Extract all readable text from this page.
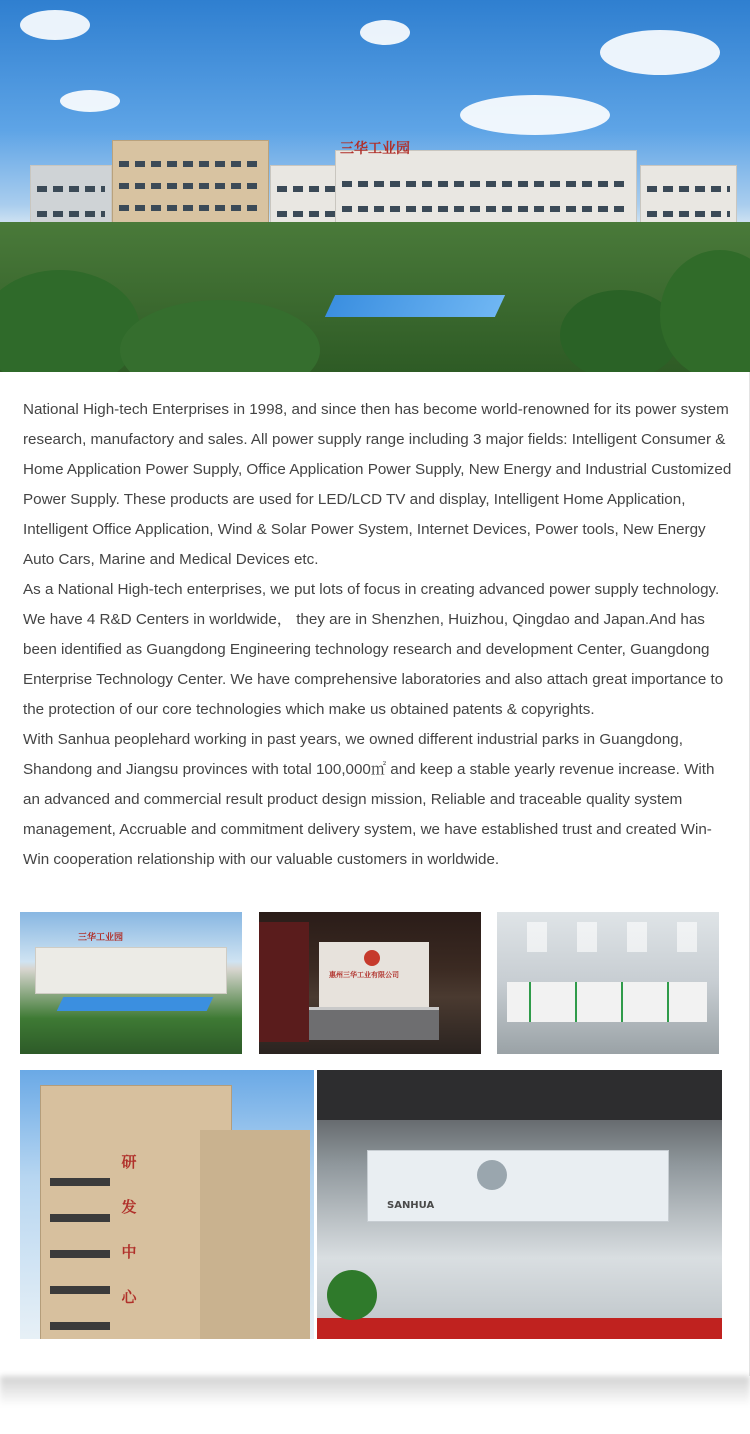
三华工业园

National High-tech Enterprises in 1998, and since then has become world-renowned for its power system research, manufactory and sales. All power supply range including 3 major fields: Intelligent Consumer & Home Application Power Supply, Office Application Power Supply, New Energy and Industrial Customized Power Supply. These products are used for LED/LCD TV and display, Intelligent Home Application, Intelligent Office Application, Wind & Solar Power System, Internet Devices, Power tools, New Energy Auto Cars, Marine and Medical Devices etc.

As a National High-tech enterprises, we put lots of focus in creating advanced power supply technology. We have 4 R&D Centers in worldwide， they are in Shenzhen, Huizhou, Qingdao and Japan.And has been identified as Guangdong Engineering technology research and development Center, Guangdong Enterprise Technology Center. We have comprehensive laboratories and also attach great importance to the protection of our core technologies which make us obtained patents & copyrights.

With Sanhua peoplehard working in past years, we owned different industrial parks in Guangdong, Shandong and Jiangsu provinces with total 100,000㎡ and keep a stable yearly revenue increase. With an advanced and commercial result product design mission, Reliable and traceable quality system management, Accruable and commitment delivery system, we have established trust and created Win-Win cooperation relationship with our valuable customers in worldwide.

三华工业园
惠州三华工业有限公司
研
发
中
心
SANHUA
